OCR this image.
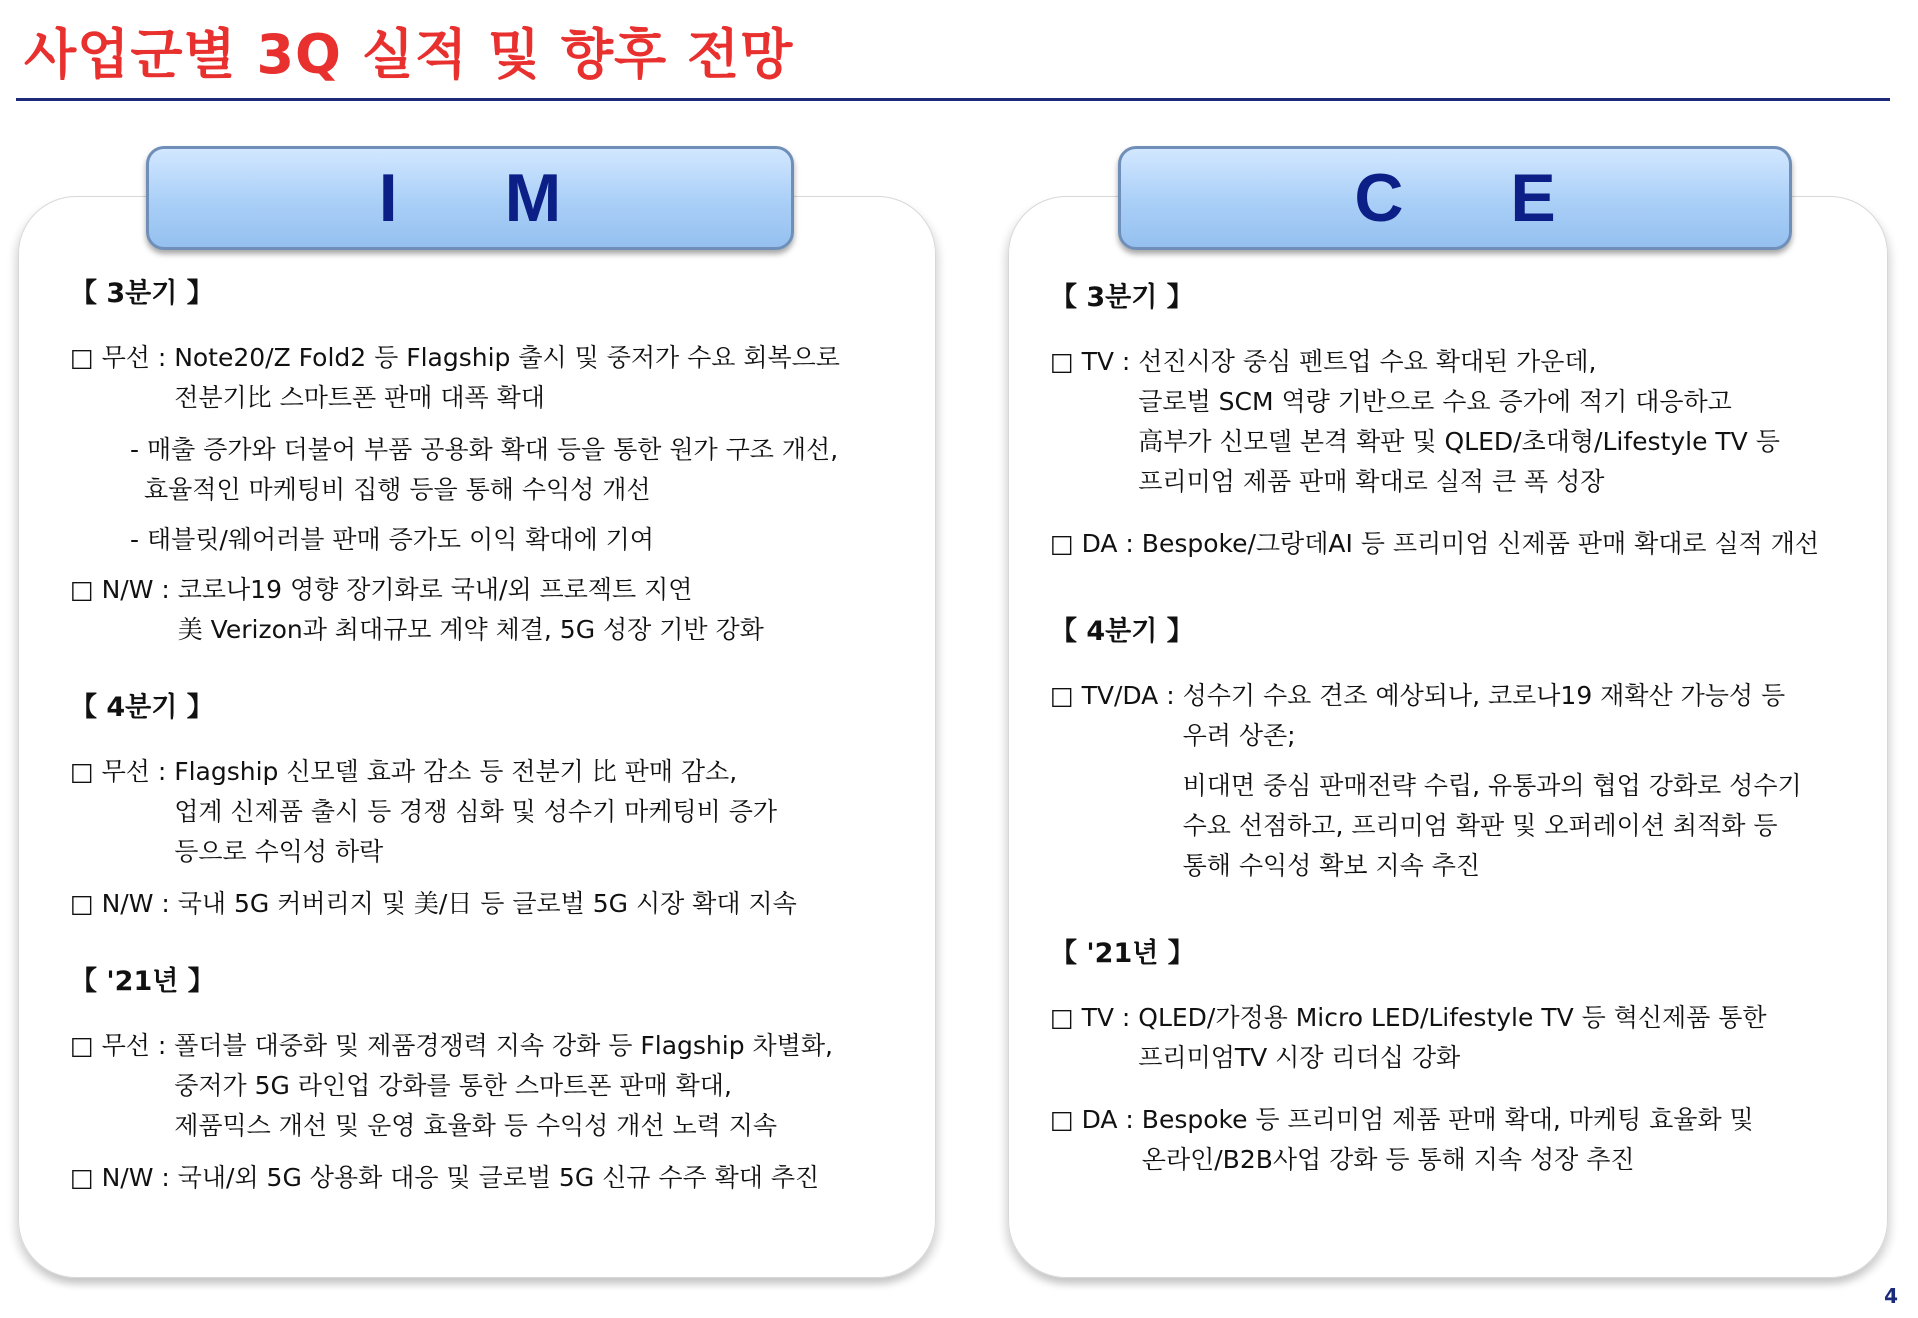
사업군별 3Q 실적 및 향후 전망
I M	C E
【 3분기 】
□ 무선 : Note20/Z Fold2 등 Flagship 출시 및 중저가 수요 회복으로
전분기比 스마트폰 판매 대폭 확대
- 매출 증가와 더불어 부품 공용화 확대 등을 통한 원가 구조 개선,
효율적인 마케팅비 집행 등을 통해 수익성 개선
- 태블릿/웨어러블 판매 증가도 이익 확대에 기여
□ N/W : 코로나19 영향 장기화로 국내/외 프로젝트 지연
美 Verizon과 최대규모 계약 체결, 5G 성장 기반 강화
【 4분기 】
□ 무선 : Flagship 신모델 효과 감소 등 전분기 比 판매 감소,
업계 신제품 출시 등 경쟁 심화 및 성수기 마케팅비 증가
등으로 수익성 하락
□ N/W : 국내 5G 커버리지 및 美/日 등 글로벌 5G 시장 확대 지속
【 '21년 】
□ 무선 : 폴더블 대중화 및 제품경쟁력 지속 강화 등 Flagship 차별화,
중저가 5G 라인업 강화를 통한 스마트폰 판매 확대,
제품믹스 개선 및 운영 효율화 등 수익성 개선 노력 지속
□ N/W : 국내/외 5G 상용화 대응 및 글로벌 5G 신규 수주 확대 추진
【 3분기 】
□ TV : 선진시장 중심 펜트업 수요 확대된 가운데,
글로벌 SCM 역량 기반으로 수요 증가에 적기 대응하고
高부가 신모델 본격 확판 및 QLED/초대형/Lifestyle TV 등
프리미엄 제품 판매 확대로 실적 큰 폭 성장
□ DA : Bespoke/그랑데AI 등 프리미엄 신제품 판매 확대로 실적 개선
【 4분기 】
□ TV/DA : 성수기 수요 견조 예상되나, 코로나19 재확산 가능성 등
우려 상존;
비대면 중심 판매전략 수립, 유통과의 협업 강화로 성수기
수요 선점하고, 프리미엄 확판 및 오퍼레이션 최적화 등
통해 수익성 확보 지속 추진
【 '21년 】
□ TV : QLED/가정용 Micro LED/Lifestyle TV 등 혁신제품 통한
프리미엄TV 시장 리더십 강화
□ DA : Bespoke 등 프리미엄 제품 판매 확대, 마케팅 효율화 및
온라인/B2B사업 강화 등 통해 지속 성장 추진
4
